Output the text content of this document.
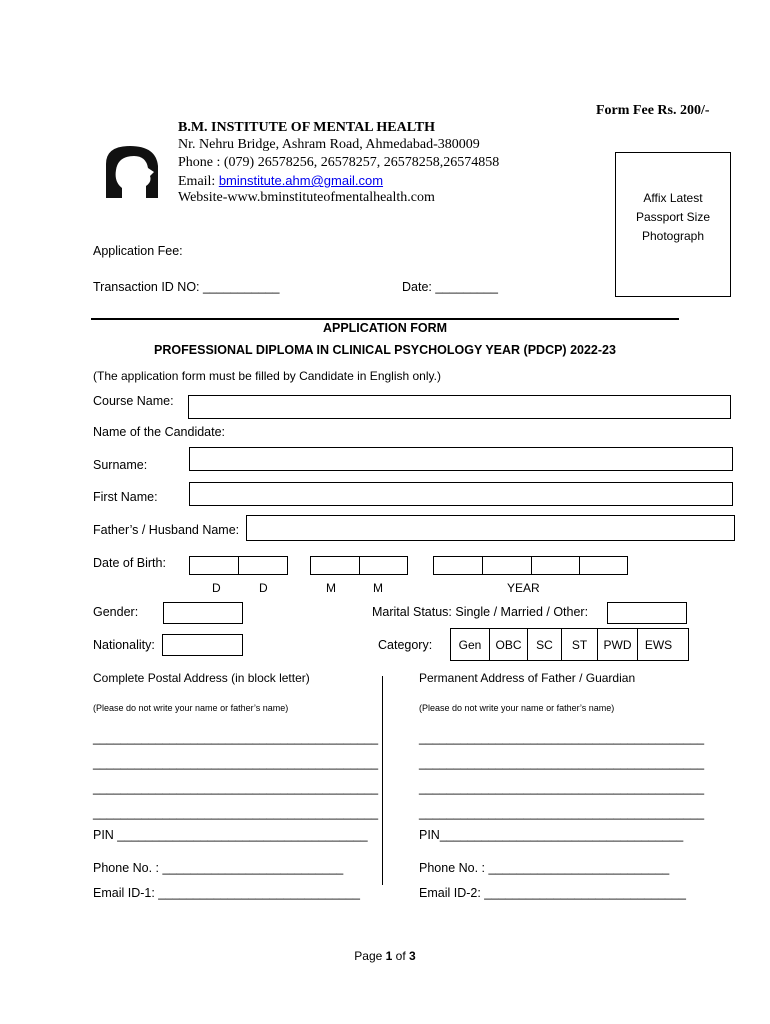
Form Fee Rs. 200/-
B.M. INSTITUTE OF MENTAL HEALTH
Nr. Nehru Bridge, Ashram Road, Ahmedabad-380009
Phone : (079) 26578256, 26578257, 26578258,26574858
Email: bminstitute.ahm@gmail.com
Website-www.bminstituteofmentalhealth.com	Affix Latest
Passport Size
Photograph
Application Fee:
Transaction ID NO: ___________	Date: _________
APPLICATION FORM
PROFESSIONAL DIPLOMA IN CLINICAL PSYCHOLOGY YEAR (PDCP) 2022-23
(The application form must be filled by Candidate in English only.)
Course Name:
Name of the Candidate:
Surname:
First Name:
Father’s / Husband Name:
Date of Birth:
D	D	M	M	YEAR
Gender:	Marital Status: Single / Married / Other:
Nationality:	Category:	Gen	OBC	SC	ST	PWD	EWS
Complete Postal Address (in block letter)
(Please do not write your name or father’s name)
_________________________________________
_________________________________________
_________________________________________
_________________________________________
PIN ____________________________________
Phone No. : __________________________
Email ID-1: _____________________________
Permanent Address of Father / Guardian
(Please do not write your name or father’s name)
_________________________________________
_________________________________________
_________________________________________
_________________________________________
PIN___________________________________
Phone No. : __________________________
Email ID-2: _____________________________
Page 1 of 3
